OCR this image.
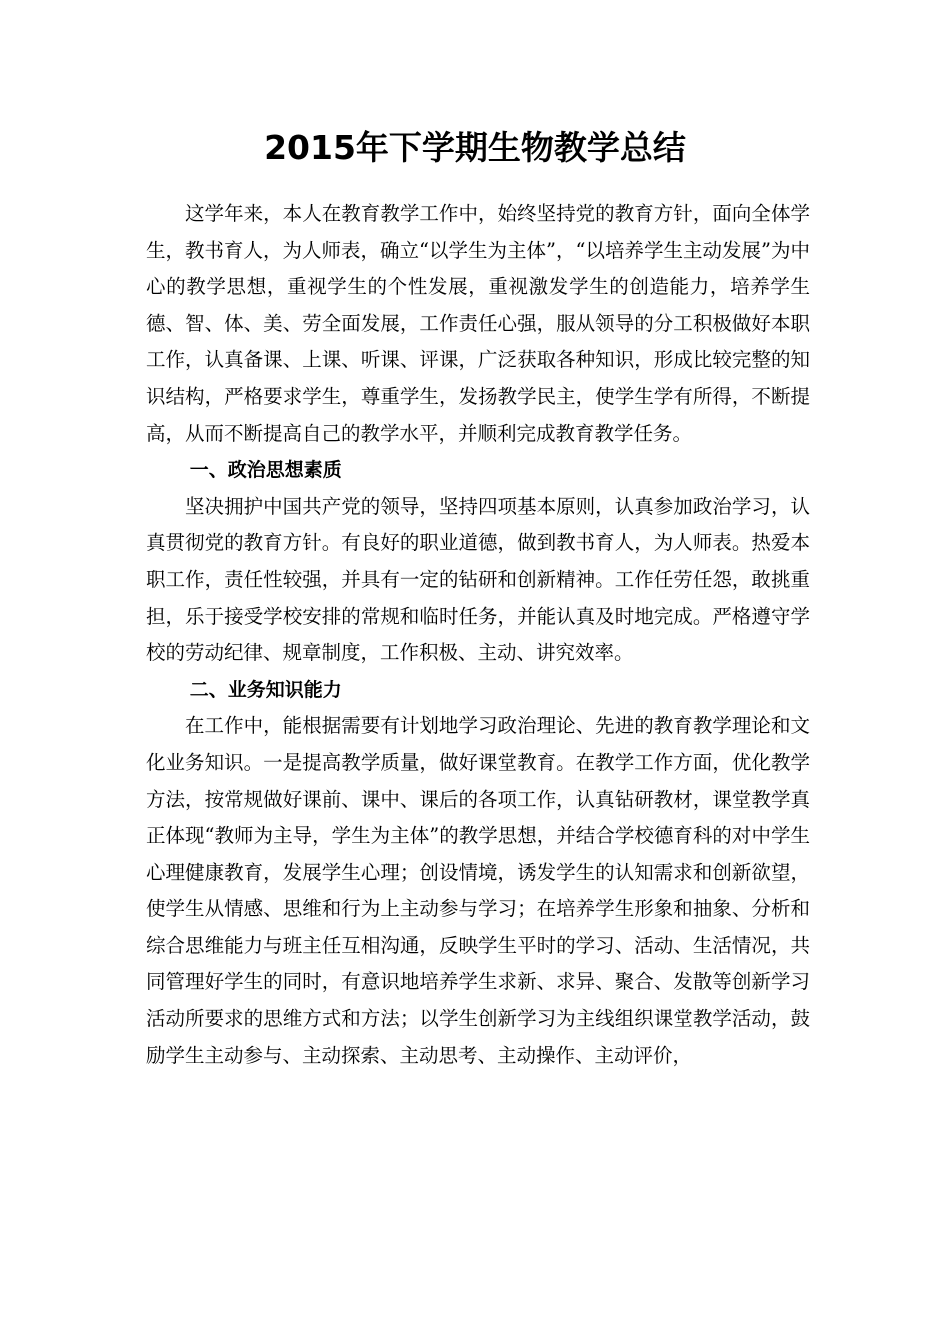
2015年下学期生物教学总结

这学年来，本人在教育教学工作中，始终坚持党的教育方针，面向全体学生，教书育人，为人师表，确立“以学生为主体”，“以培养学生主动发展”为中心的教学思想，重视学生的个性发展，重视激发学生的创造能力，培养学生德、智、体、美、劳全面发展，工作责任心强，服从领导的分工积极做好本职工作，认真备课、上课、听课、评课，广泛获取各种知识，形成比较完整的知识结构，严格要求学生，尊重学生，发扬教学民主，使学生学有所得，不断提高，从而不断提高自己的教学水平，并顺利完成教育教学任务。

一、政治思想素质

坚决拥护中国共产党的领导，坚持四项基本原则，认真参加政治学习，认真贯彻党的教育方针。有良好的职业道德，做到教书育人，为人师表。热爱本职工作，责任性较强，并具有一定的钻研和创新精神。工作任劳任怨，敢挑重担，乐于接受学校安排的常规和临时任务，并能认真及时地完成。严格遵守学校的劳动纪律、规章制度，工作积极、主动、讲究效率。

二、业务知识能力

在工作中，能根据需要有计划地学习政治理论、先进的教育教学理论和文化业务知识。一是提高教学质量，做好课堂教育。在教学工作方面，优化教学方法，按常规做好课前、课中、课后的各项工作，认真钻研教材，课堂教学真正体现“教师为主导，学生为主体”的教学思想，并结合学校德育科的对中学生心理健康教育，发展学生心理；创设情境，诱发学生的认知需求和创新欲望，使学生从情感、思维和行为上主动参与学习；在培养学生形象和抽象、分析和综合思维能力与班主任互相沟通，反映学生平时的学习、活动、生活情况，共同管理好学生的同时，有意识地培养学生求新、求异、聚合、发散等创新学习活动所要求的思维方式和方法；以学生创新学习为主线组织课堂教学活动，鼓励学生主动参与、主动探索、主动思考、主动操作、主动评价，
